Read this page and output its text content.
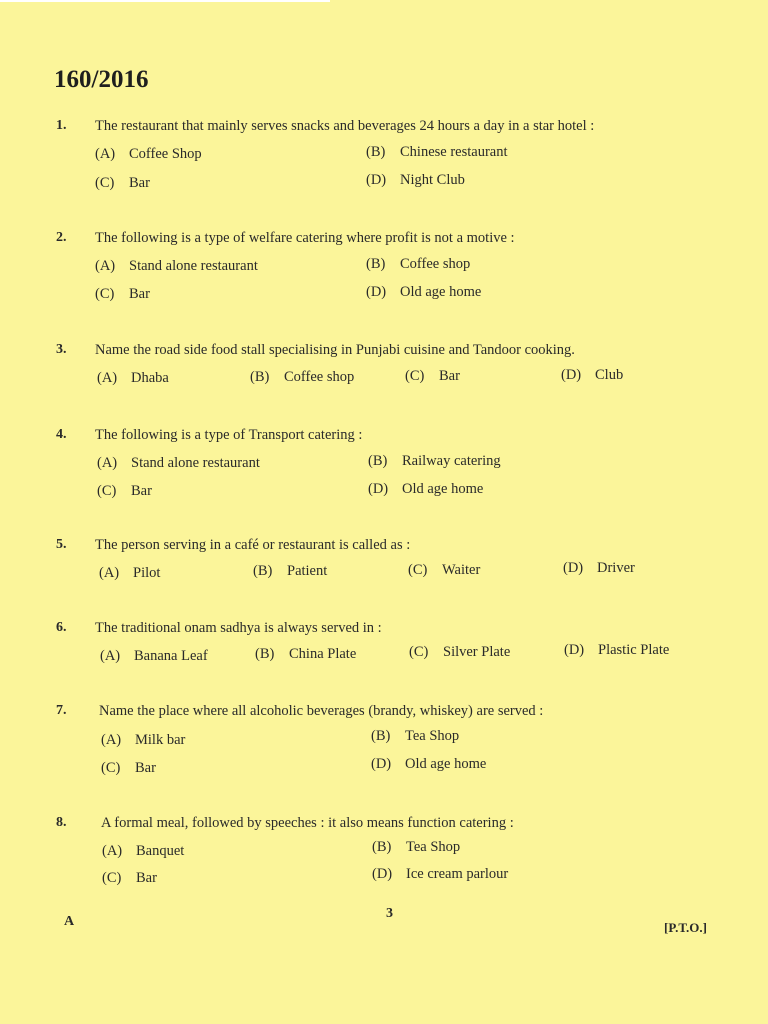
160/2016
1. The restaurant that mainly serves snacks and beverages 24 hours a day in a star hotel :
(A) Coffee Shop	(B) Chinese restaurant
(C) Bar	(D) Night Club
2. The following is a type of welfare catering where profit is not a motive :
(A) Stand alone restaurant	(B) Coffee shop
(C) Bar	(D) Old age home
3. Name the road side food stall specialising in Punjabi cuisine and Tandoor cooking.
(A) Dhaba	(B) Coffee shop	(C) Bar	(D) Club
4. The following is a type of Transport catering :
(A) Stand alone restaurant	(B) Railway catering
(C) Bar	(D) Old age home
5. The person serving in a café or restaurant is called as :
(A) Pilot	(B) Patient	(C) Waiter	(D) Driver
6. The traditional onam sadhya is always served in :
(A) Banana Leaf	(B) China Plate	(C) Silver Plate	(D) Plastic Plate
7. Name the place where all alcoholic beverages (brandy, whiskey) are served :
(A) Milk bar	(B) Tea Shop
(C) Bar	(D) Old age home
8. A formal meal, followed by speeches : it also means function catering :
(A) Banquet	(B) Tea Shop
(C) Bar	(D) Ice cream parlour
A
3
[P.T.O.]
